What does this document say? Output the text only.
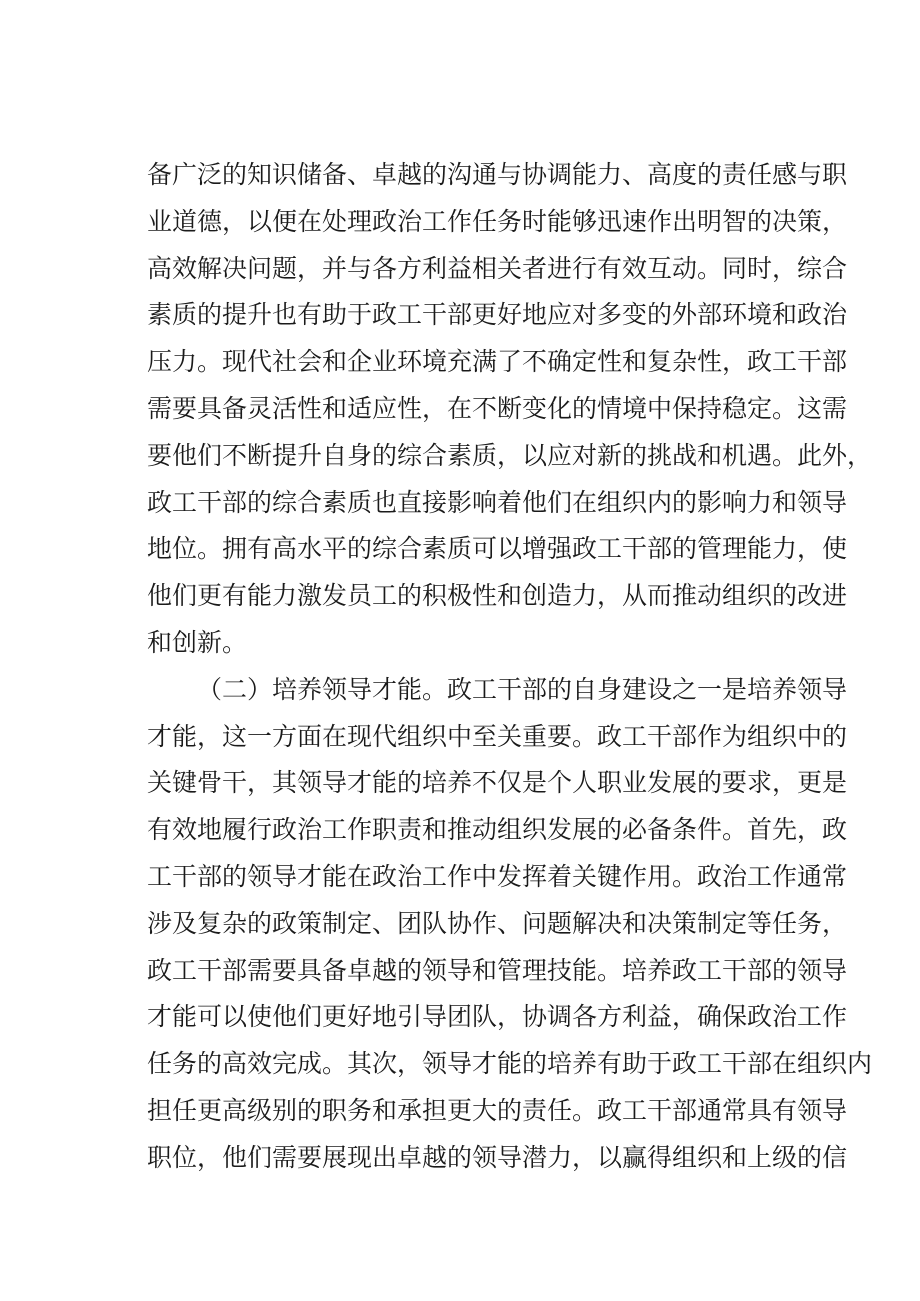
备广泛的知识储备、卓越的沟通与协调能力、高度的责任感与职
业道德，以便在处理政治工作任务时能够迅速作出明智的决策，
高效解决问题，并与各方利益相关者进行有效互动。同时，综合
素质的提升也有助于政工干部更好地应对多变的外部环境和政治
压力。现代社会和企业环境充满了不确定性和复杂性，政工干部
需要具备灵活性和适应性，在不断变化的情境中保持稳定。这需
要他们不断提升自身的综合素质，以应对新的挑战和机遇。此外，
政工干部的综合素质也直接影响着他们在组织内的影响力和领导
地位。拥有高水平的综合素质可以增强政工干部的管理能力，使
他们更有能力激发员工的积极性和创造力，从而推动组织的改进
和创新。
（二）培养领导才能。政工干部的自身建设之一是培养领导
才能，这一方面在现代组织中至关重要。政工干部作为组织中的
关键骨干，其领导才能的培养不仅是个人职业发展的要求，更是
有效地履行政治工作职责和推动组织发展的必备条件。首先，政
工干部的领导才能在政治工作中发挥着关键作用。政治工作通常
涉及复杂的政策制定、团队协作、问题解决和决策制定等任务，
政工干部需要具备卓越的领导和管理技能。培养政工干部的领导
才能可以使他们更好地引导团队，协调各方利益，确保政治工作
任务的高效完成。其次，领导才能的培养有助于政工干部在组织内
担任更高级别的职务和承担更大的责任。政工干部通常具有领导
职位，他们需要展现出卓越的领导潜力，以赢得组织和上级的信
